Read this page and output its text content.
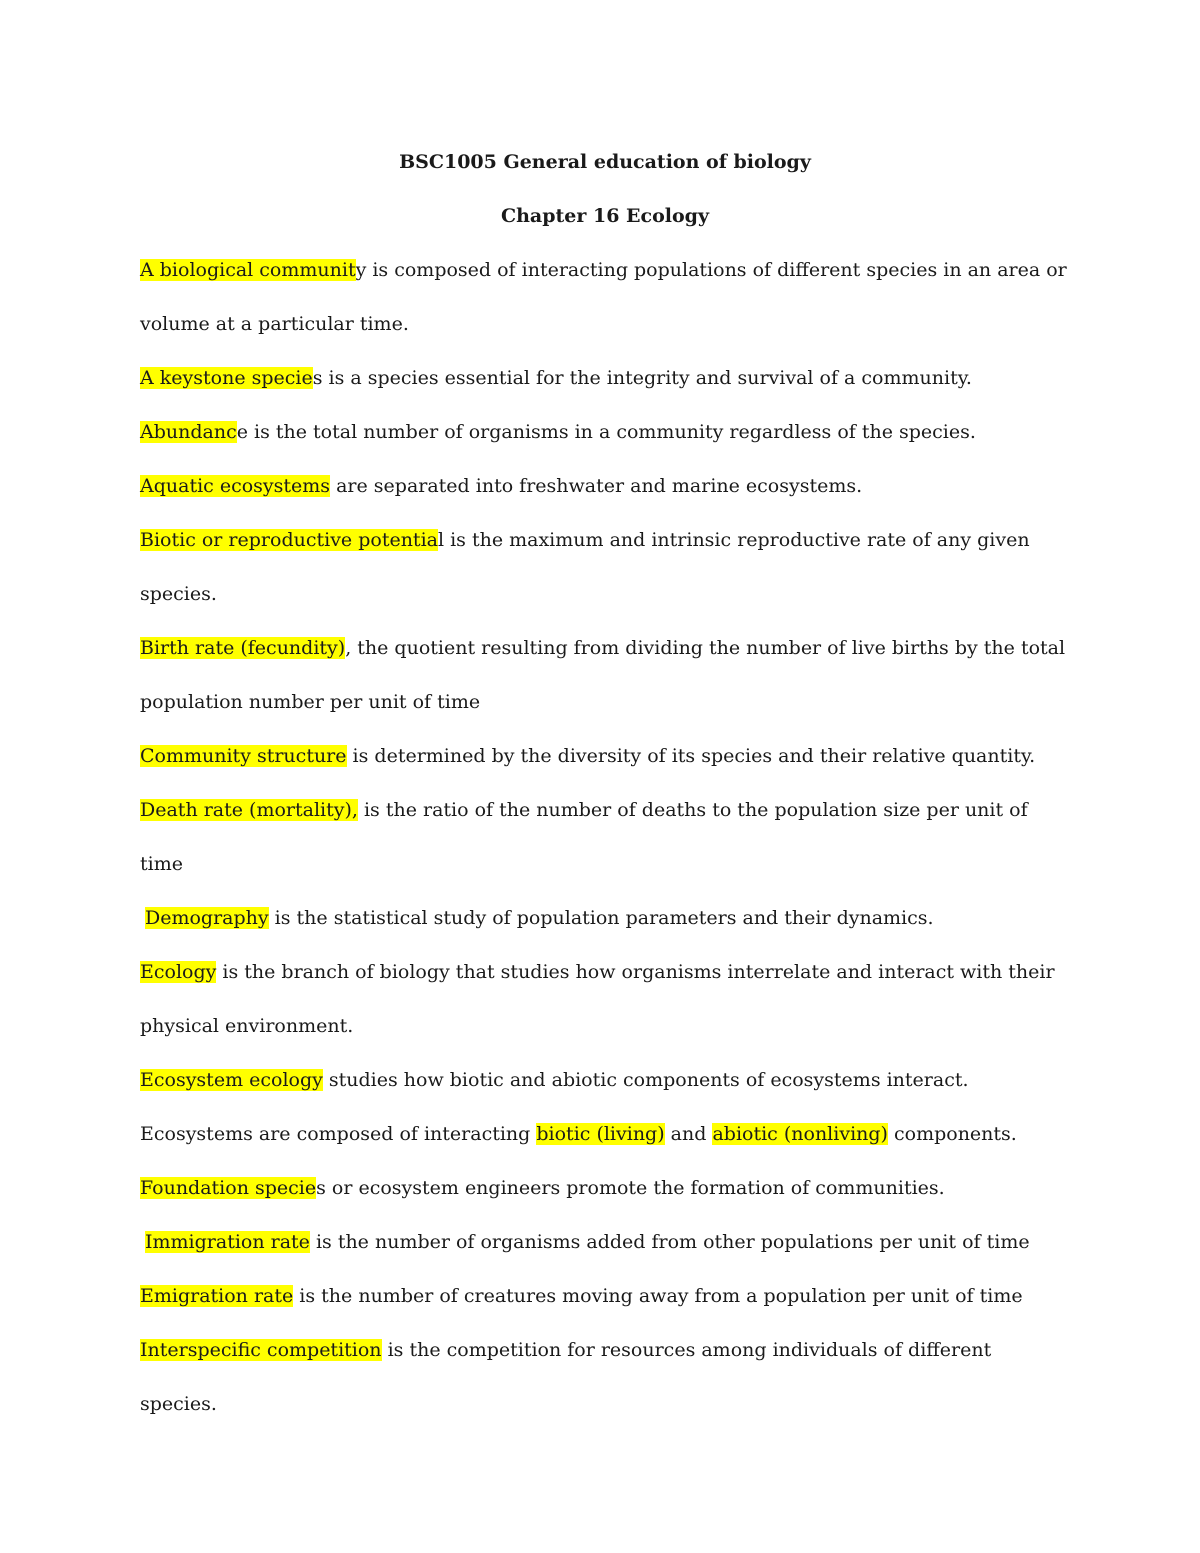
BSC1005 General education of biology

Chapter 16 Ecology

A biological community is composed of interacting populations of different species in an area or volume at a particular time.

A keystone species is a species essential for the integrity and survival of a community.

Abundance is the total number of organisms in a community regardless of the species.

Aquatic ecosystems are separated into freshwater and marine ecosystems.

Biotic or reproductive potential is the maximum and intrinsic reproductive rate of any given species.

Birth rate (fecundity), the quotient resulting from dividing the number of live births by the total population number per unit of time

Community structure is determined by the diversity of its species and their relative quantity.

Death rate (mortality), is the ratio of the number of deaths to the population size per unit of time

Demography is the statistical study of population parameters and their dynamics.

Ecology is the branch of biology that studies how organisms interrelate and interact with their physical environment.

Ecosystem ecology studies how biotic and abiotic components of ecosystems interact.

Ecosystems are composed of interacting biotic (living) and abiotic (nonliving) components.

Foundation species or ecosystem engineers promote the formation of communities.

Immigration rate is the number of organisms added from other populations per unit of time

Emigration rate is the number of creatures moving away from a population per unit of time

Interspecific competition is the competition for resources among individuals of different species.
